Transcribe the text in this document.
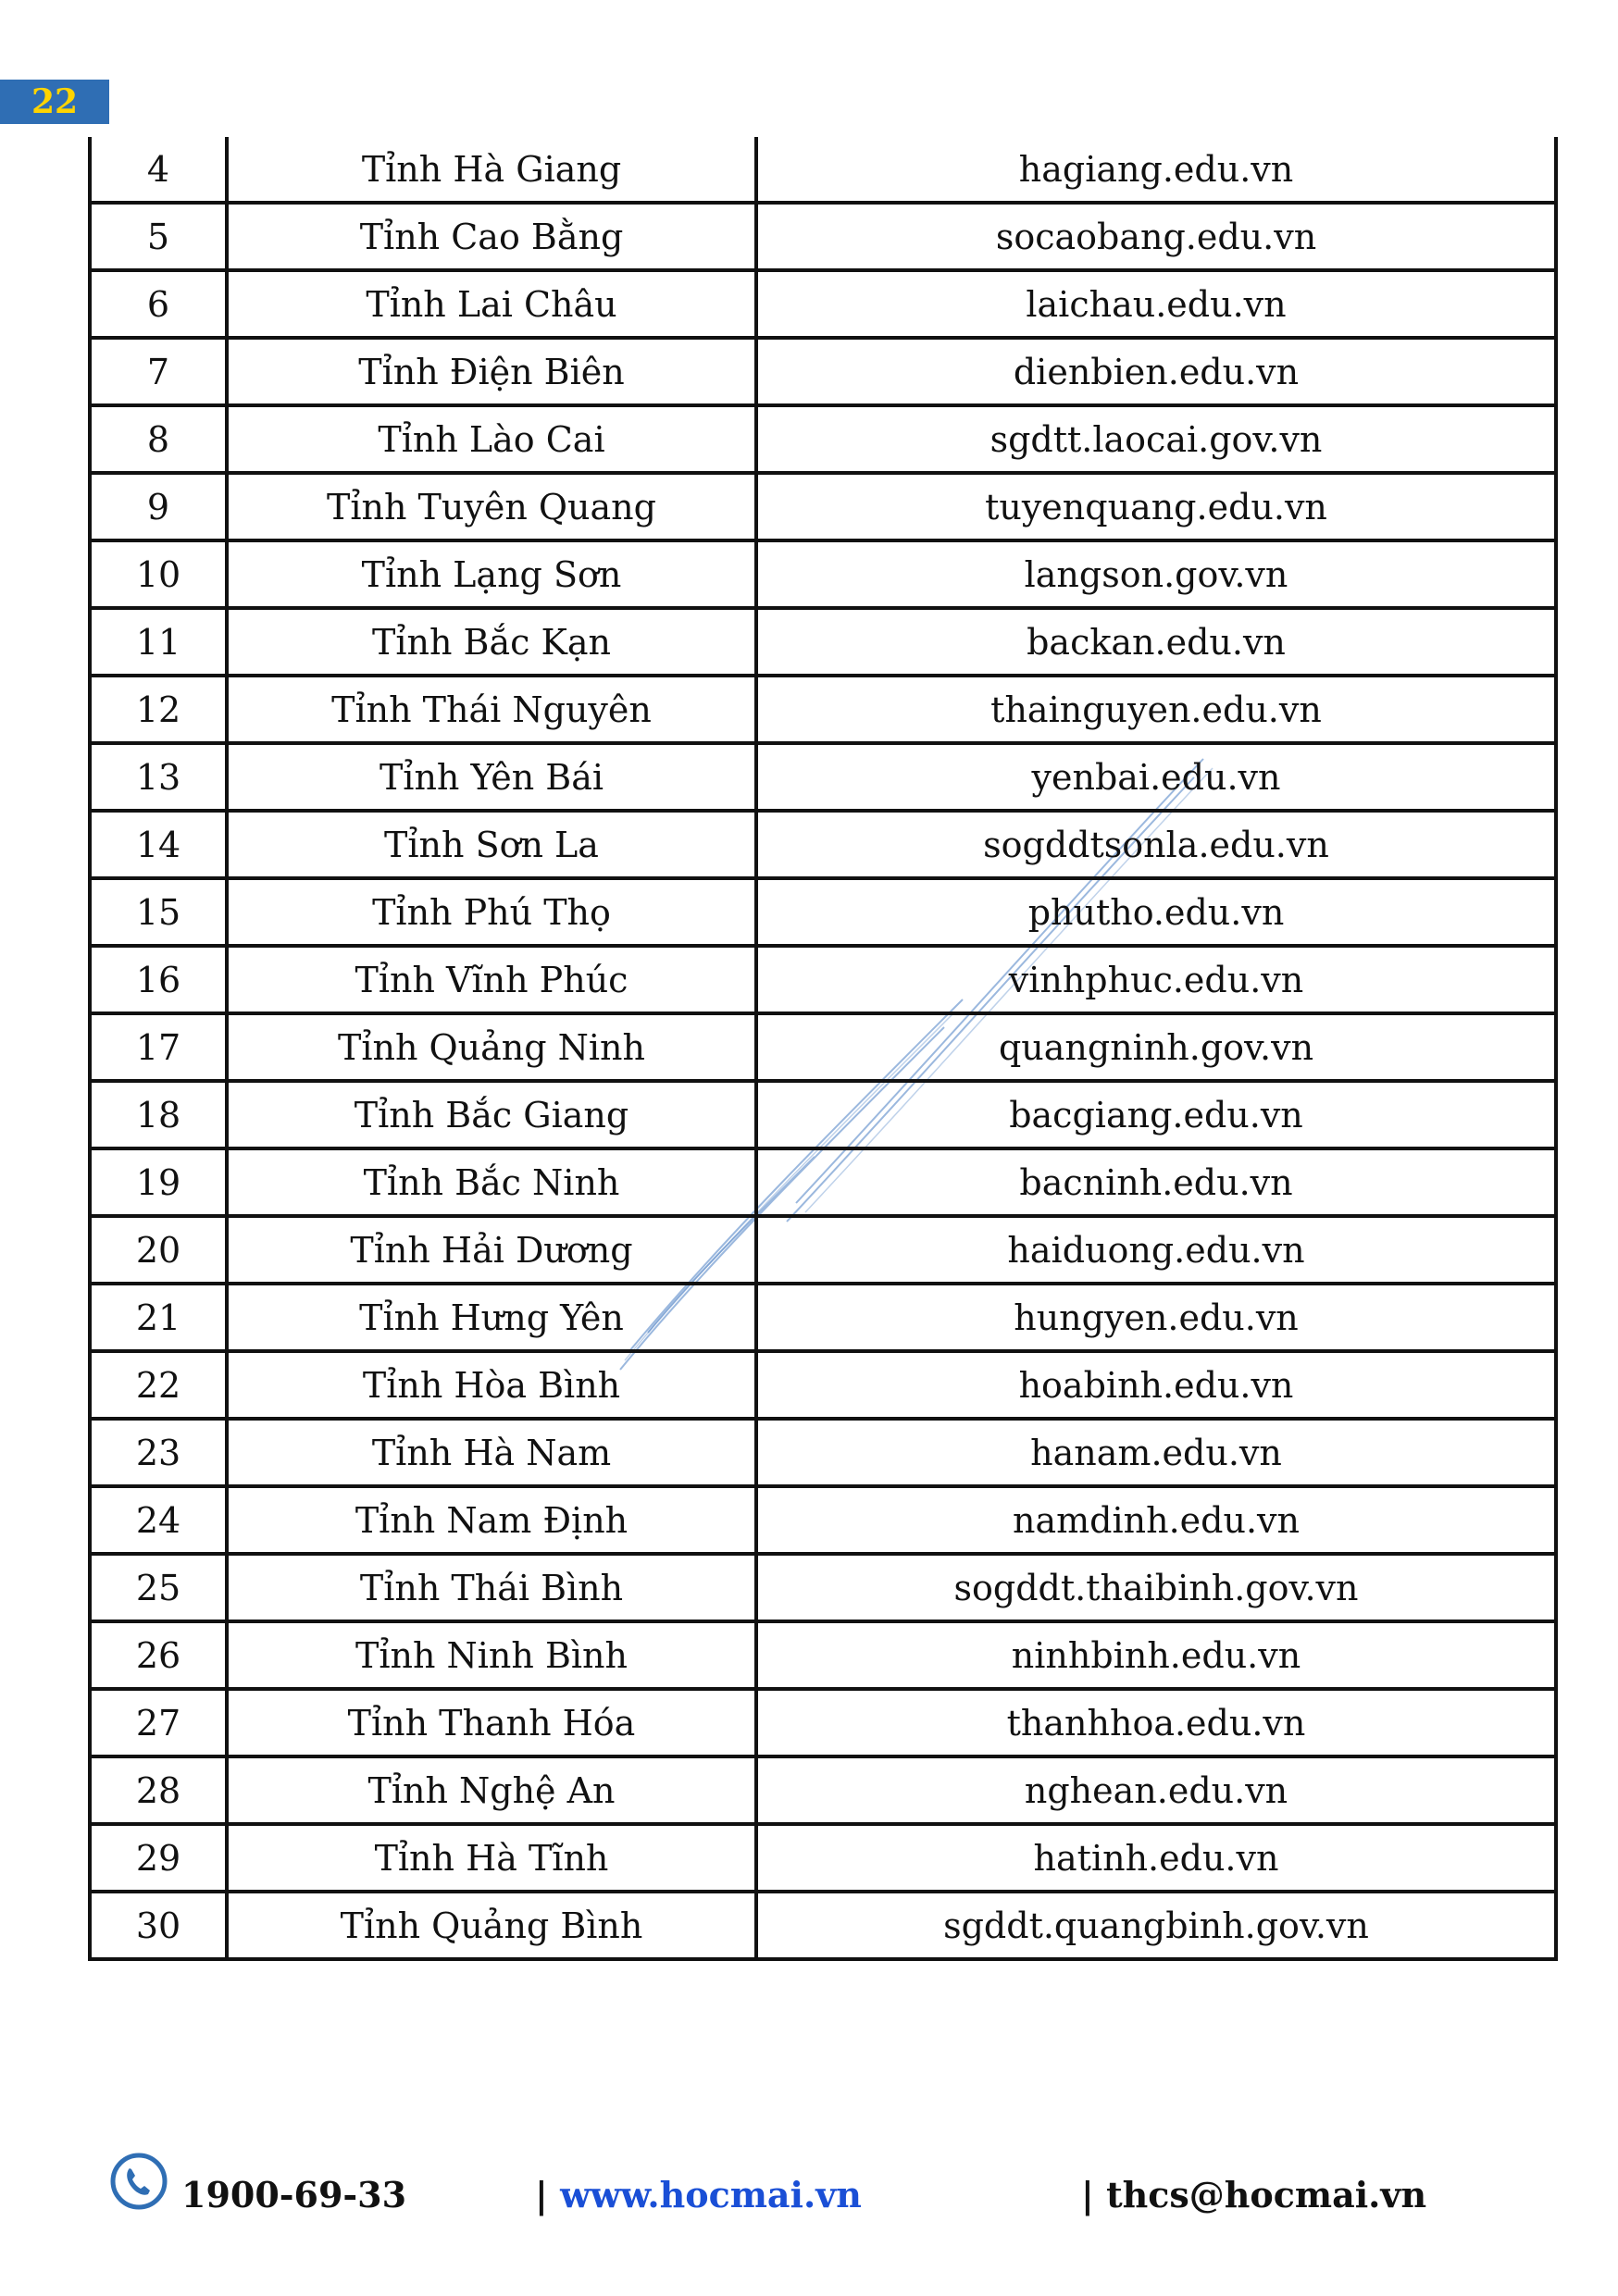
22
4	Tỉnh Hà Giang	hagiang.edu.vn
5	Tỉnh Cao Bằng	socaobang.edu.vn
6	Tỉnh Lai Châu	laichau.edu.vn
7	Tỉnh Điện Biên	dienbien.edu.vn
8	Tỉnh Lào Cai	sgdtt.laocai.gov.vn
9	Tỉnh Tuyên Quang	tuyenquang.edu.vn
10	Tỉnh Lạng Sơn	langson.gov.vn
11	Tỉnh Bắc Kạn	backan.edu.vn
12	Tỉnh Thái Nguyên	thainguyen.edu.vn
13	Tỉnh Yên Bái	yenbai.edu.vn
14	Tỉnh Sơn La	sogddtsonla.edu.vn
15	Tỉnh Phú Thọ	phutho.edu.vn
16	Tỉnh Vĩnh Phúc	vinhphuc.edu.vn
17	Tỉnh Quảng Ninh	quangninh.gov.vn
18	Tỉnh Bắc Giang	bacgiang.edu.vn
19	Tỉnh Bắc Ninh	bacninh.edu.vn
20	Tỉnh Hải Dương	haiduong.edu.vn
21	Tỉnh Hưng Yên	hungyen.edu.vn
22	Tỉnh Hòa Bình	hoabinh.edu.vn
23	Tỉnh Hà Nam	hanam.edu.vn
24	Tỉnh Nam Định	namdinh.edu.vn
25	Tỉnh Thái Bình	sogddt.thaibinh.gov.vn
26	Tỉnh Ninh Bình	ninhbinh.edu.vn
27	Tỉnh Thanh Hóa	thanhhoa.edu.vn
28	Tỉnh Nghệ An	nghean.edu.vn
29	Tỉnh Hà Tĩnh	hatinh.edu.vn
30	Tỉnh Quảng Bình	sgddt.quangbinh.gov.vn
1900-69-33	| www.hocmai.vn	| thcs@hocmai.vn
